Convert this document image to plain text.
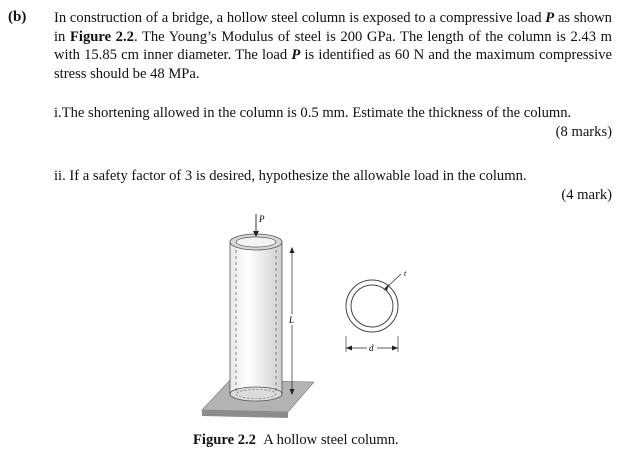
(b) In construction of a bridge, a hollow steel column is exposed to a compressive load P as shown in Figure 2.2. The Young’s Modulus of steel is 200 GPa. The length of the column is 2.43 m with 15.85 cm inner diameter. The load P is identified as 60 N and the maximum compressive stress should be 48 MPa.
i.The shortening allowed in the column is 0.5 mm. Estimate the thickness of the column.
(8 marks)
ii. If a safety factor of 3 is desired, hypothesize the allowable load in the column.
(4 mark)
P
L
t
d
Figure 2.2 A hollow steel column.
